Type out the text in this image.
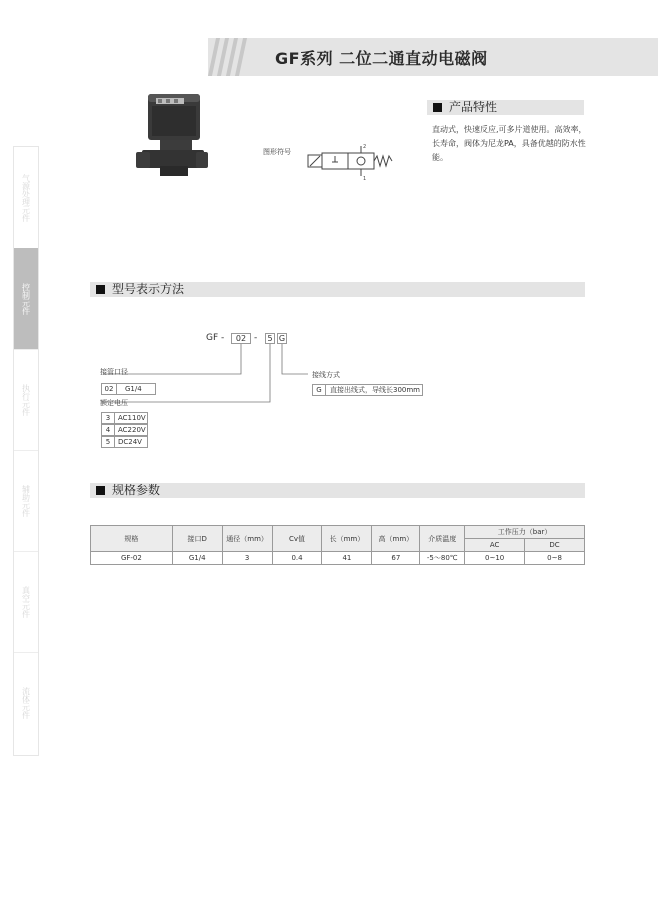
GF系列 二位二通直动电磁阀
气源处理元件
控制元件
执行元件
辅助元件
真空元件
流体元件
图形符号
2
1
产品特性
直动式，快速反应,可多片道使用。高效率，长寿命，阀体为尼龙PA，具备优越的防水性能。
型号表示方法
GF -	02 -	5 G
接管口径
02	G1/4
额定电压
3	AC110V
4	AC220V
5	DC24V
接线方式
G	直接出线式，导线长300mm
规格参数
规格	接口D	通径（mm）	Cv值	长（mm）	高（mm）	介质温度	工作压力（bar）	
							AC	DC
GF-02	G1/4	3	0.4	41	67	-5～80℃	0~10	0~8
